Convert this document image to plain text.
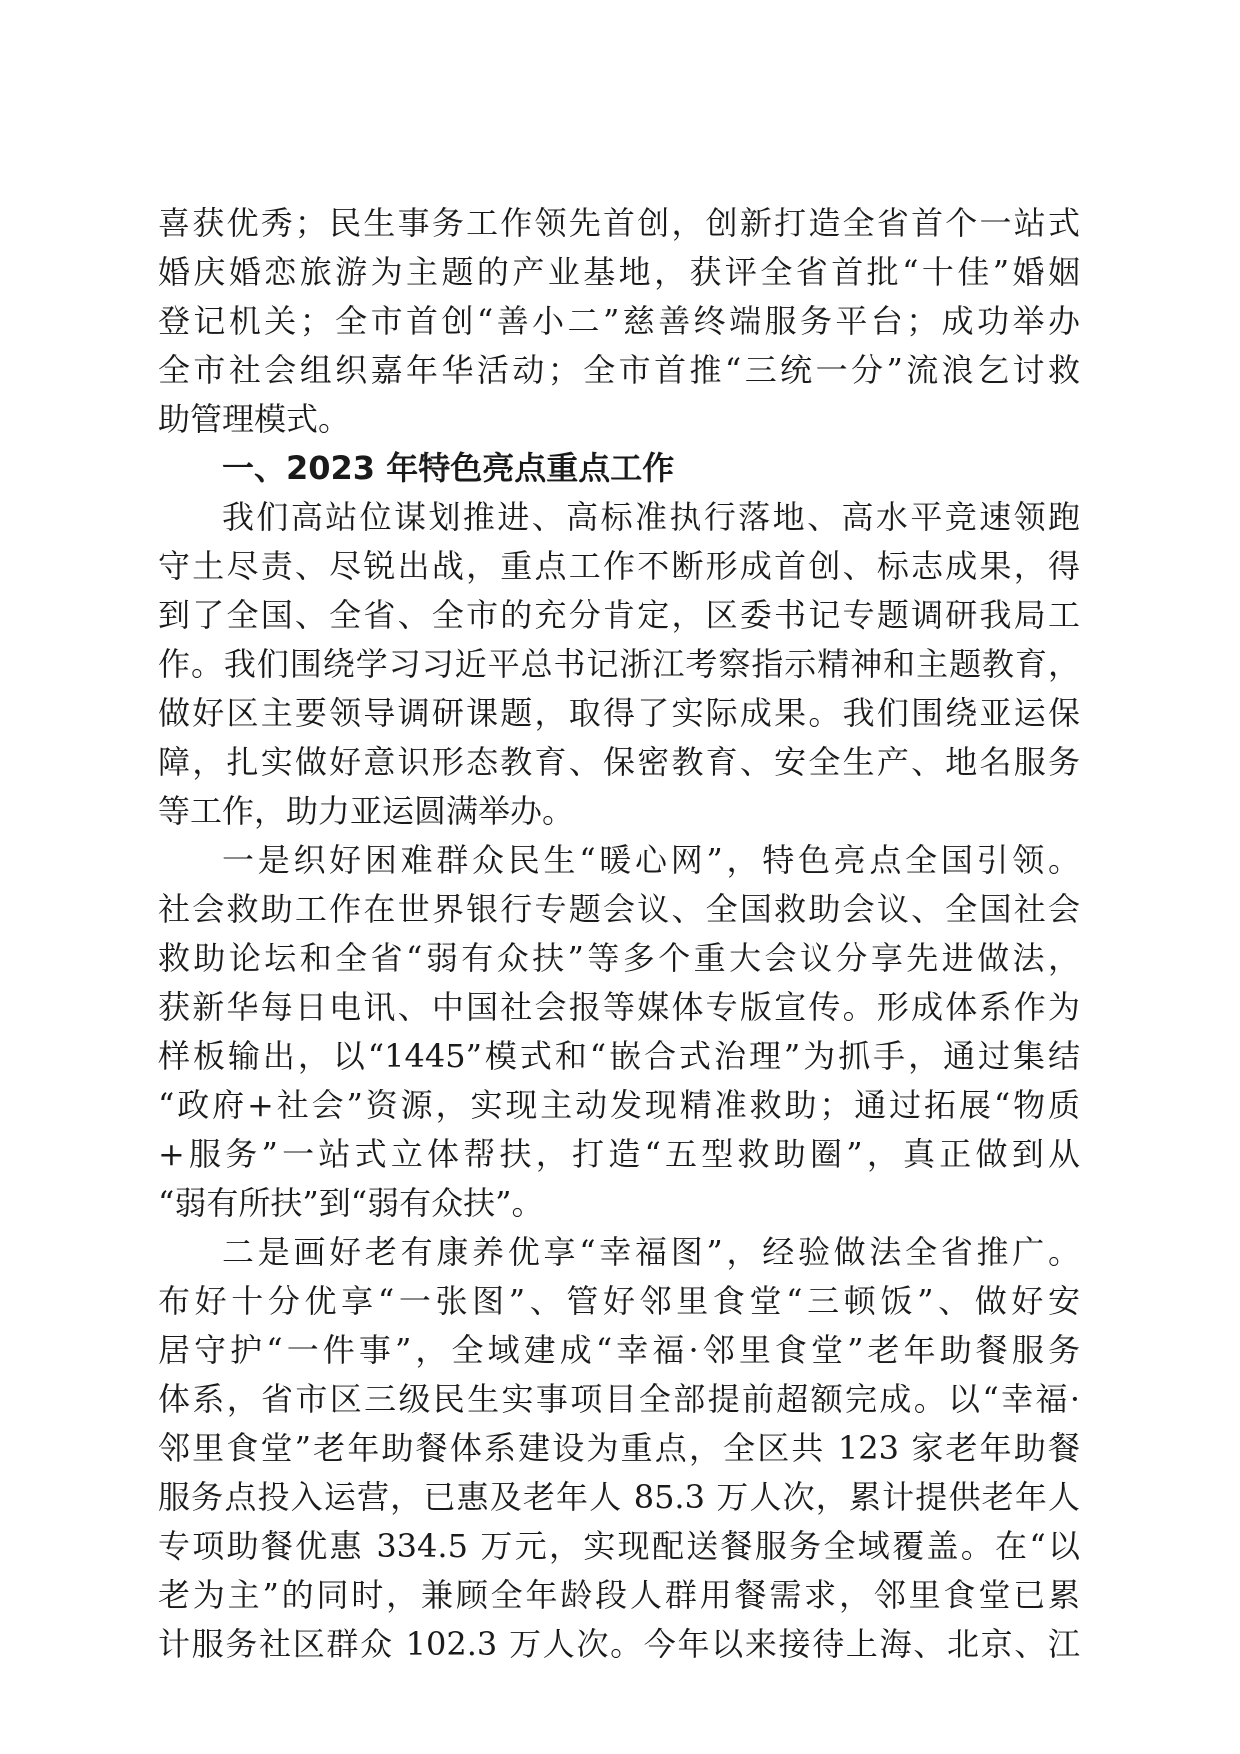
喜获优秀；民生事务工作领先首创，创新打造全省首个一站式
婚庆婚恋旅游为主题的产业基地，获评全省首批“十佳”婚姻
登记机关；全市首创“善小二”慈善终端服务平台；成功举办
全市社会组织嘉年华活动；全市首推“三统一分”流浪乞讨救
助管理模式。
一、2023 年特色亮点重点工作
我们高站位谋划推进、高标准执行落地、高水平竞速领跑
守土尽责、尽锐出战，重点工作不断形成首创、标志成果，得
到了全国、全省、全市的充分肯定，区委书记专题调研我局工
作。我们围绕学习习近平总书记浙江考察指示精神和主题教育，
做好区主要领导调研课题，取得了实际成果。我们围绕亚运保
障，扎实做好意识形态教育、保密教育、安全生产、地名服务
等工作，助力亚运圆满举办。
一是织好困难群众民生“暖心网”，特色亮点全国引领。
社会救助工作在世界银行专题会议、全国救助会议、全国社会
救助论坛和全省“弱有众扶”等多个重大会议分享先进做法，
获新华每日电讯、中国社会报等媒体专版宣传。形成体系作为
样板输出，以“1445”模式和“嵌合式治理”为抓手，通过集结
“政府+社会”资源，实现主动发现精准救助；通过拓展“物质
+服务”一站式立体帮扶，打造“五型救助圈”，真正做到从
“弱有所扶”到“弱有众扶”。
二是画好老有康养优享“幸福图”，经验做法全省推广。
布好十分优享“一张图”、管好邻里食堂“三顿饭”、做好安
居守护“一件事”，全域建成“幸福·邻里食堂”老年助餐服务
体系，省市区三级民生实事项目全部提前超额完成。以“幸福·
邻里食堂”老年助餐体系建设为重点，全区共 123 家老年助餐
服务点投入运营，已惠及老年人 85.3 万人次，累计提供老年人
专项助餐优惠 334.5 万元，实现配送餐服务全域覆盖。在“以
老为主”的同时，兼顾全年龄段人群用餐需求，邻里食堂已累
计服务社区群众 102.3 万人次。今年以来接待上海、北京、江
